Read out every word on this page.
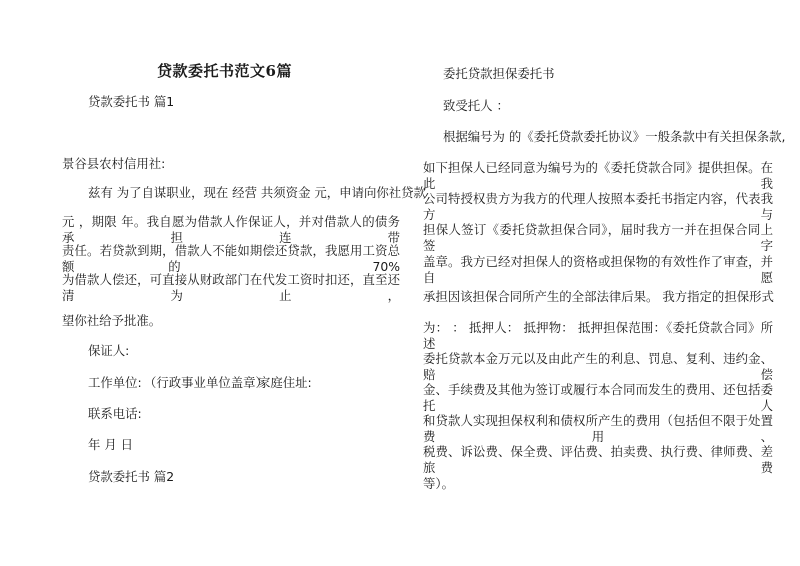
贷款委托书范文6篇

贷款委托书 篇1

景谷县农村信用社:

兹有 为了自谋职业，现在 经营 共须资金 元，申请向你社贷款

元 ，期限 年。我自愿为借款人作保证人，并对借款人的债务承担连带

责任。若贷款到期，借款人不能如期偿还贷款，我愿用工资总额的 70%

为借款人偿还，可直接从财政部门在代发工资时扣还，直至还清为止，

望你社给予批准。

保证人:

工作单位: （行政事业单位盖章）

家庭住址:

联系电话:

年 月 日

贷款委托书 篇2

委托贷款担保委托书

致受托人 ：

根据编号为 的《委托贷款委托协议》一般条款中有关担保条款,

如下担保人已经同意为编号为的《委托贷款合同》提供担保。在此我

公司特授权贵方为我方的代理人按照本委托书指定内容，代表我方与

担保人签订《委托贷款担保合同》，届时我方一并在担保合同上签字

盖章。我方已经对担保人的资格或担保物的有效性作了审查，并自愿

承担因该担保合同所产生的全部法律后果。 我方指定的担保形式

为： ： 抵押人： 抵押物： 抵押担保范围：《委托贷款合同》所述

委托贷款本金万元以及由此产生的利息、罚息、复利、违约金、赔偿

金、手续费及其他为签订或履行本合同而发生的费用、还包括委托人

和贷款人实现担保权利和债权所产生的费用（包括但不限于处置费用、

税费、诉讼费、保全费、评估费、拍卖费、执行费、律师费、差旅费

等）。
